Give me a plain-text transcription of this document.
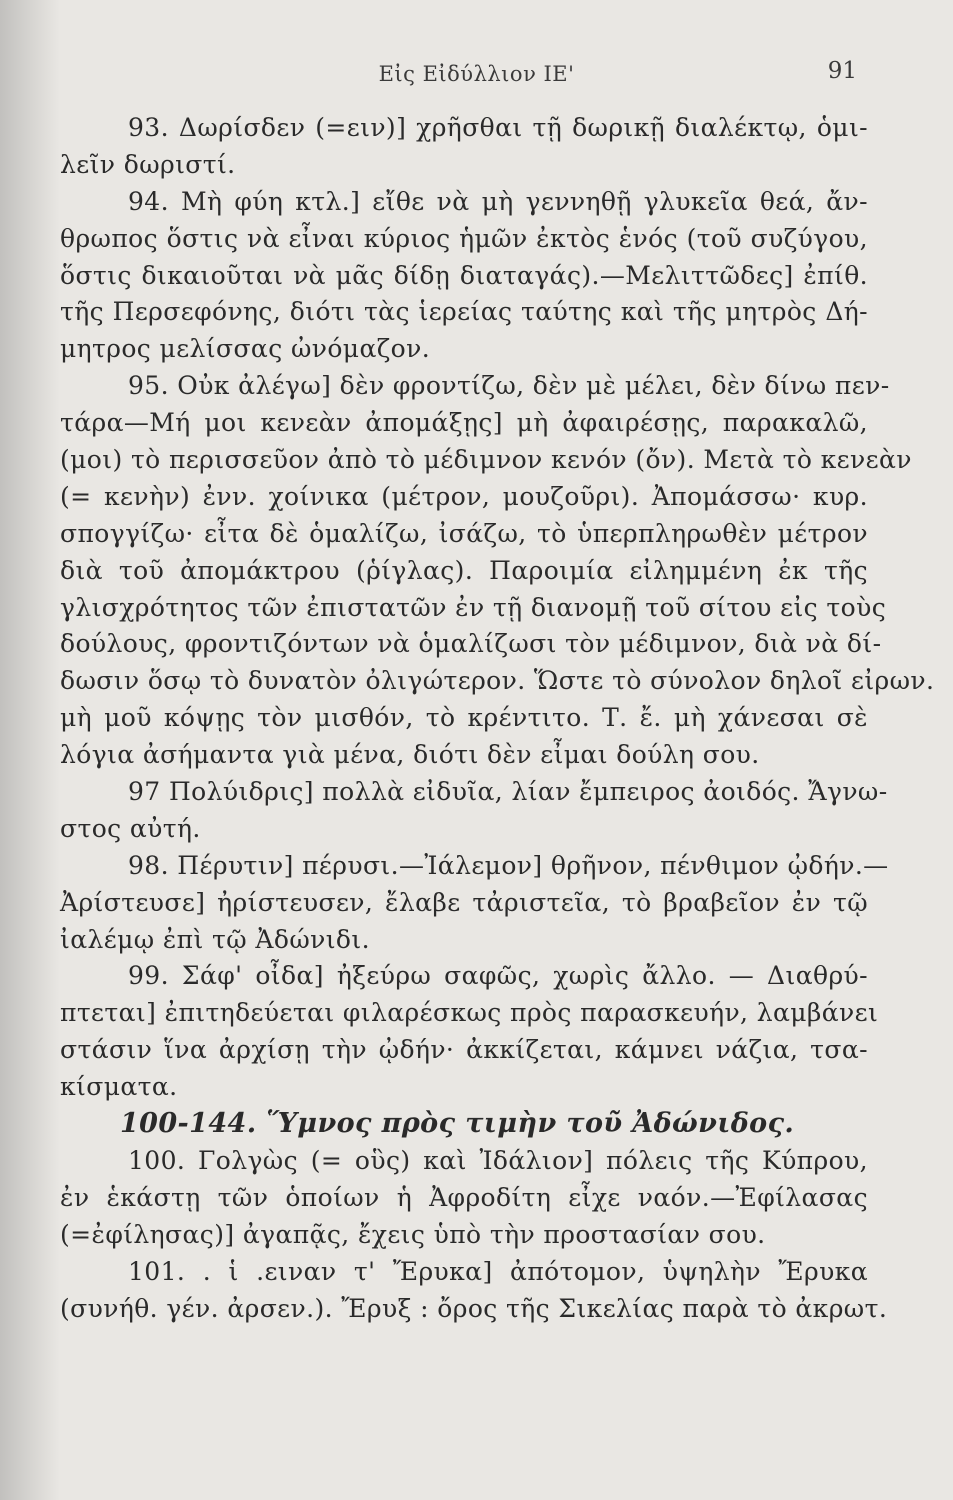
Εἰς Εἰδύλλιον ΙΕ'	91
93. Δωρίσδεν (=ειν)] χρῆσθαι τῇ δωρικῇ διαλέκτῳ, ὁμι-
λεῖν δωριστί.
94. Μὴ φύη κτλ.] εἴθε νὰ μὴ γεννηθῇ γλυκεῖα θεά, ἄν-
θρωπος ὅστις νὰ εἶναι κύριος ἡμῶν ἐκτὸς ἑνός (τοῦ συζύγου,
ὅστις δικαιοῦται νὰ μᾶς δίδῃ διαταγάς).—Μελιττῶδες] ἐπίθ.
τῆς Περσεφόνης, διότι τὰς ἱερείας ταύτης καὶ τῆς μητρὸς Δή-
μητρος μελίσσας ὠνόμαζον.
95. Οὐκ ἀλέγω] δὲν φροντίζω, δὲν μὲ μέλει, δὲν δίνω πεν-
τάρα—Μή μοι κενεὰν ἀπομάξῃς] μὴ ἀφαιρέσῃς, παρακαλῶ,
(μοι) τὸ περισσεῦον ἀπὸ τὸ μέδιμνον κενόν (ὄν). Μετὰ τὸ κενεὰν
(= κενὴν) ἐνν. χοίνικα (μέτρον, μουζοῦρι). Ἀπομάσσω· κυρ.
σπογγίζω· εἶτα δὲ ὁμαλίζω, ἰσάζω, τὸ ὑπερπληρωθὲν μέτρον
διὰ τοῦ ἀπομάκτρου (ῥίγλας). Παροιμία εἰλημμένη ἐκ τῆς
γλισχρότητος τῶν ἐπιστατῶν ἐν τῇ διανομῇ τοῦ σίτου εἰς τοὺς
δούλους, φροντιζόντων νὰ ὁμαλίζωσι τὸν μέδιμνον, διὰ νὰ δί-
δωσιν ὅσῳ τὸ δυνατὸν ὀλιγώτερον. Ὥστε τὸ σύνολον δηλοῖ εἰρων.
μὴ μοῦ κόψῃς τὸν μισθόν, τὸ κρέντιτο. Τ. ἔ. μὴ χάνεσαι σὲ
λόγια ἀσήμαντα γιὰ μένα, διότι δὲν εἶμαι δούλη σου.
97 Πολύιδρις] πολλὰ εἰδυῖα, λίαν ἔμπειρος ἀοιδός. Ἄγνω-
στος αὐτή.
98. Πέρυτιν] πέρυσι.—Ἰάλεμον] θρῆνον, πένθιμον ᾠδήν.—
Ἀρίστευσε] ἠρίστευσεν, ἔλαβε τἀριστεῖα, τὸ βραβεῖον ἐν τῷ
ἰαλέμῳ ἐπὶ τῷ Ἀδώνιδι.
99. Σάφ' οἶδα] ἠξεύρω σαφῶς, χωρὶς ἄλλο. — Διαθρύ-
πτεται] ἐπιτηδεύεται φιλαρέσκως πρὸς παρασκευήν, λαμβάνει
στάσιν ἵνα ἀρχίσῃ τὴν ᾠδήν· ἀκκίζεται, κάμνει νάζια, τσα-
κίσματα.
100-144. Ὕμνος πρὸς τιμὴν τοῦ Ἀδώνιδος.
100. Γολγὼς (= οὓς) καὶ Ἰδάλιον] πόλεις τῆς Κύπρου,
ἐν ἑκάστῃ τῶν ὁποίων ἡ Ἀφροδίτη εἶχε ναόν.—Ἐφίλασας
(=ἐφίλησας)] ἀγαπᾷς, ἔχεις ὑπὸ τὴν προστασίαν σου.
101. . ἱ .ειναν τ' Ἔρυκα] ἀπότομον, ὑψηλὴν Ἔρυκα
(συνήθ. γέν. ἀρσεν.). Ἔρυξ : ὄρος τῆς Σικελίας παρὰ τὸ ἀκρωτ.
